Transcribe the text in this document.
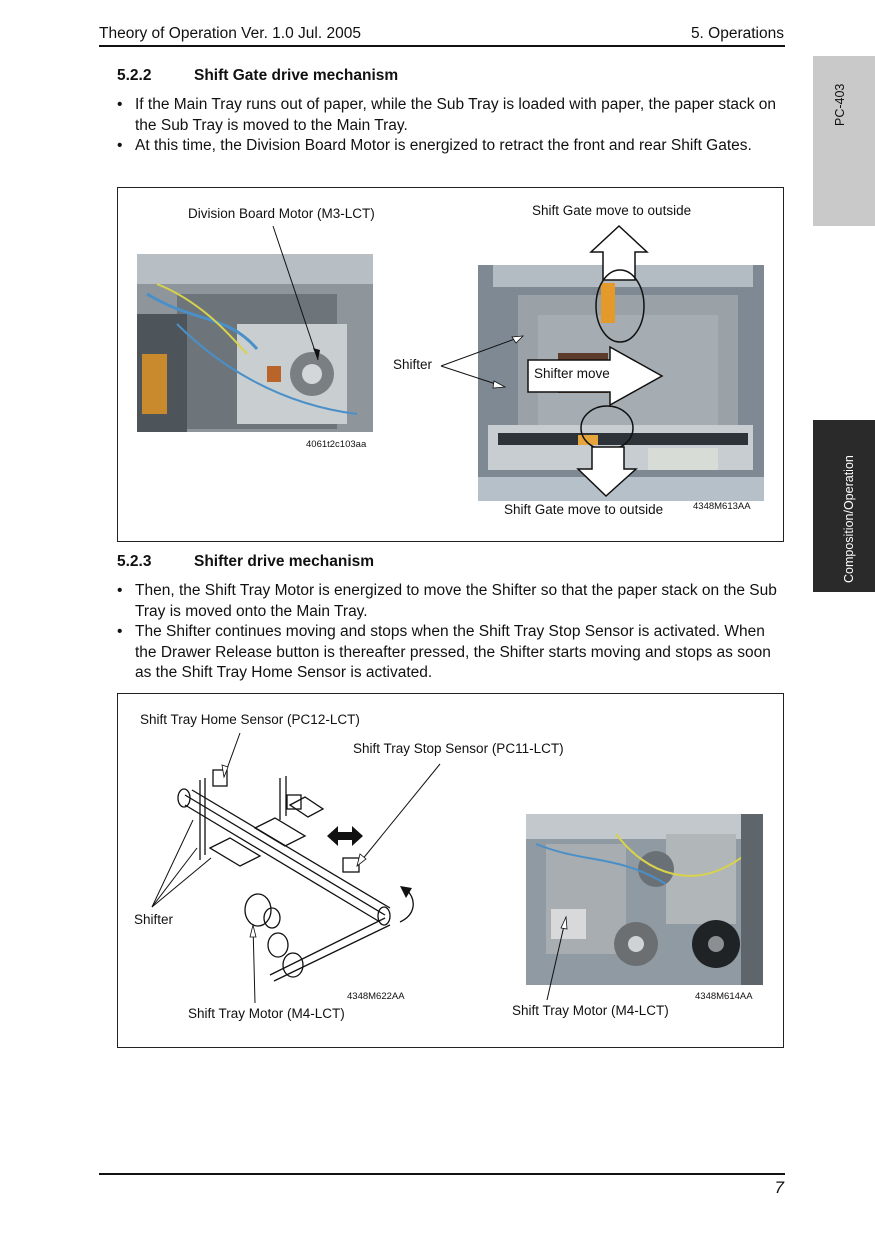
Theory of Operation Ver. 1.0 Jul. 2005	5. Operations
PC-403
Composition/Operation
5.2.2	Shift Gate drive mechanism
• If the Main Tray runs out of paper, while the Sub Tray is loaded with paper, the paper stack on the Sub Tray is moved to the Main Tray.
• At this time, the Division Board Motor is energized to retract the front and rear Shift Gates.
Division Board Motor (M3-LCT)	Shift Gate move to outside
Shifter
Shifter move
4061t2c103aa
Shift Gate move to outside	4348M613AA
5.2.3	Shifter drive mechanism
• Then, the Shift Tray Motor is energized to move the Shifter so that the paper stack on the Sub Tray is moved onto the Main Tray.
• The Shifter continues moving and stops when the Shift Tray Stop Sensor is activated. When the Drawer Release button is thereafter pressed, the Shifter starts moving and stops as soon as the Shift Tray Home Sensor is activated.
Shift Tray Home Sensor (PC12-LCT)
Shift Tray Stop Sensor (PC11-LCT)
Shifter
4348M622AA	4348M614AA
Shift Tray Motor (M4-LCT)	Shift Tray Motor (M4-LCT)
7
